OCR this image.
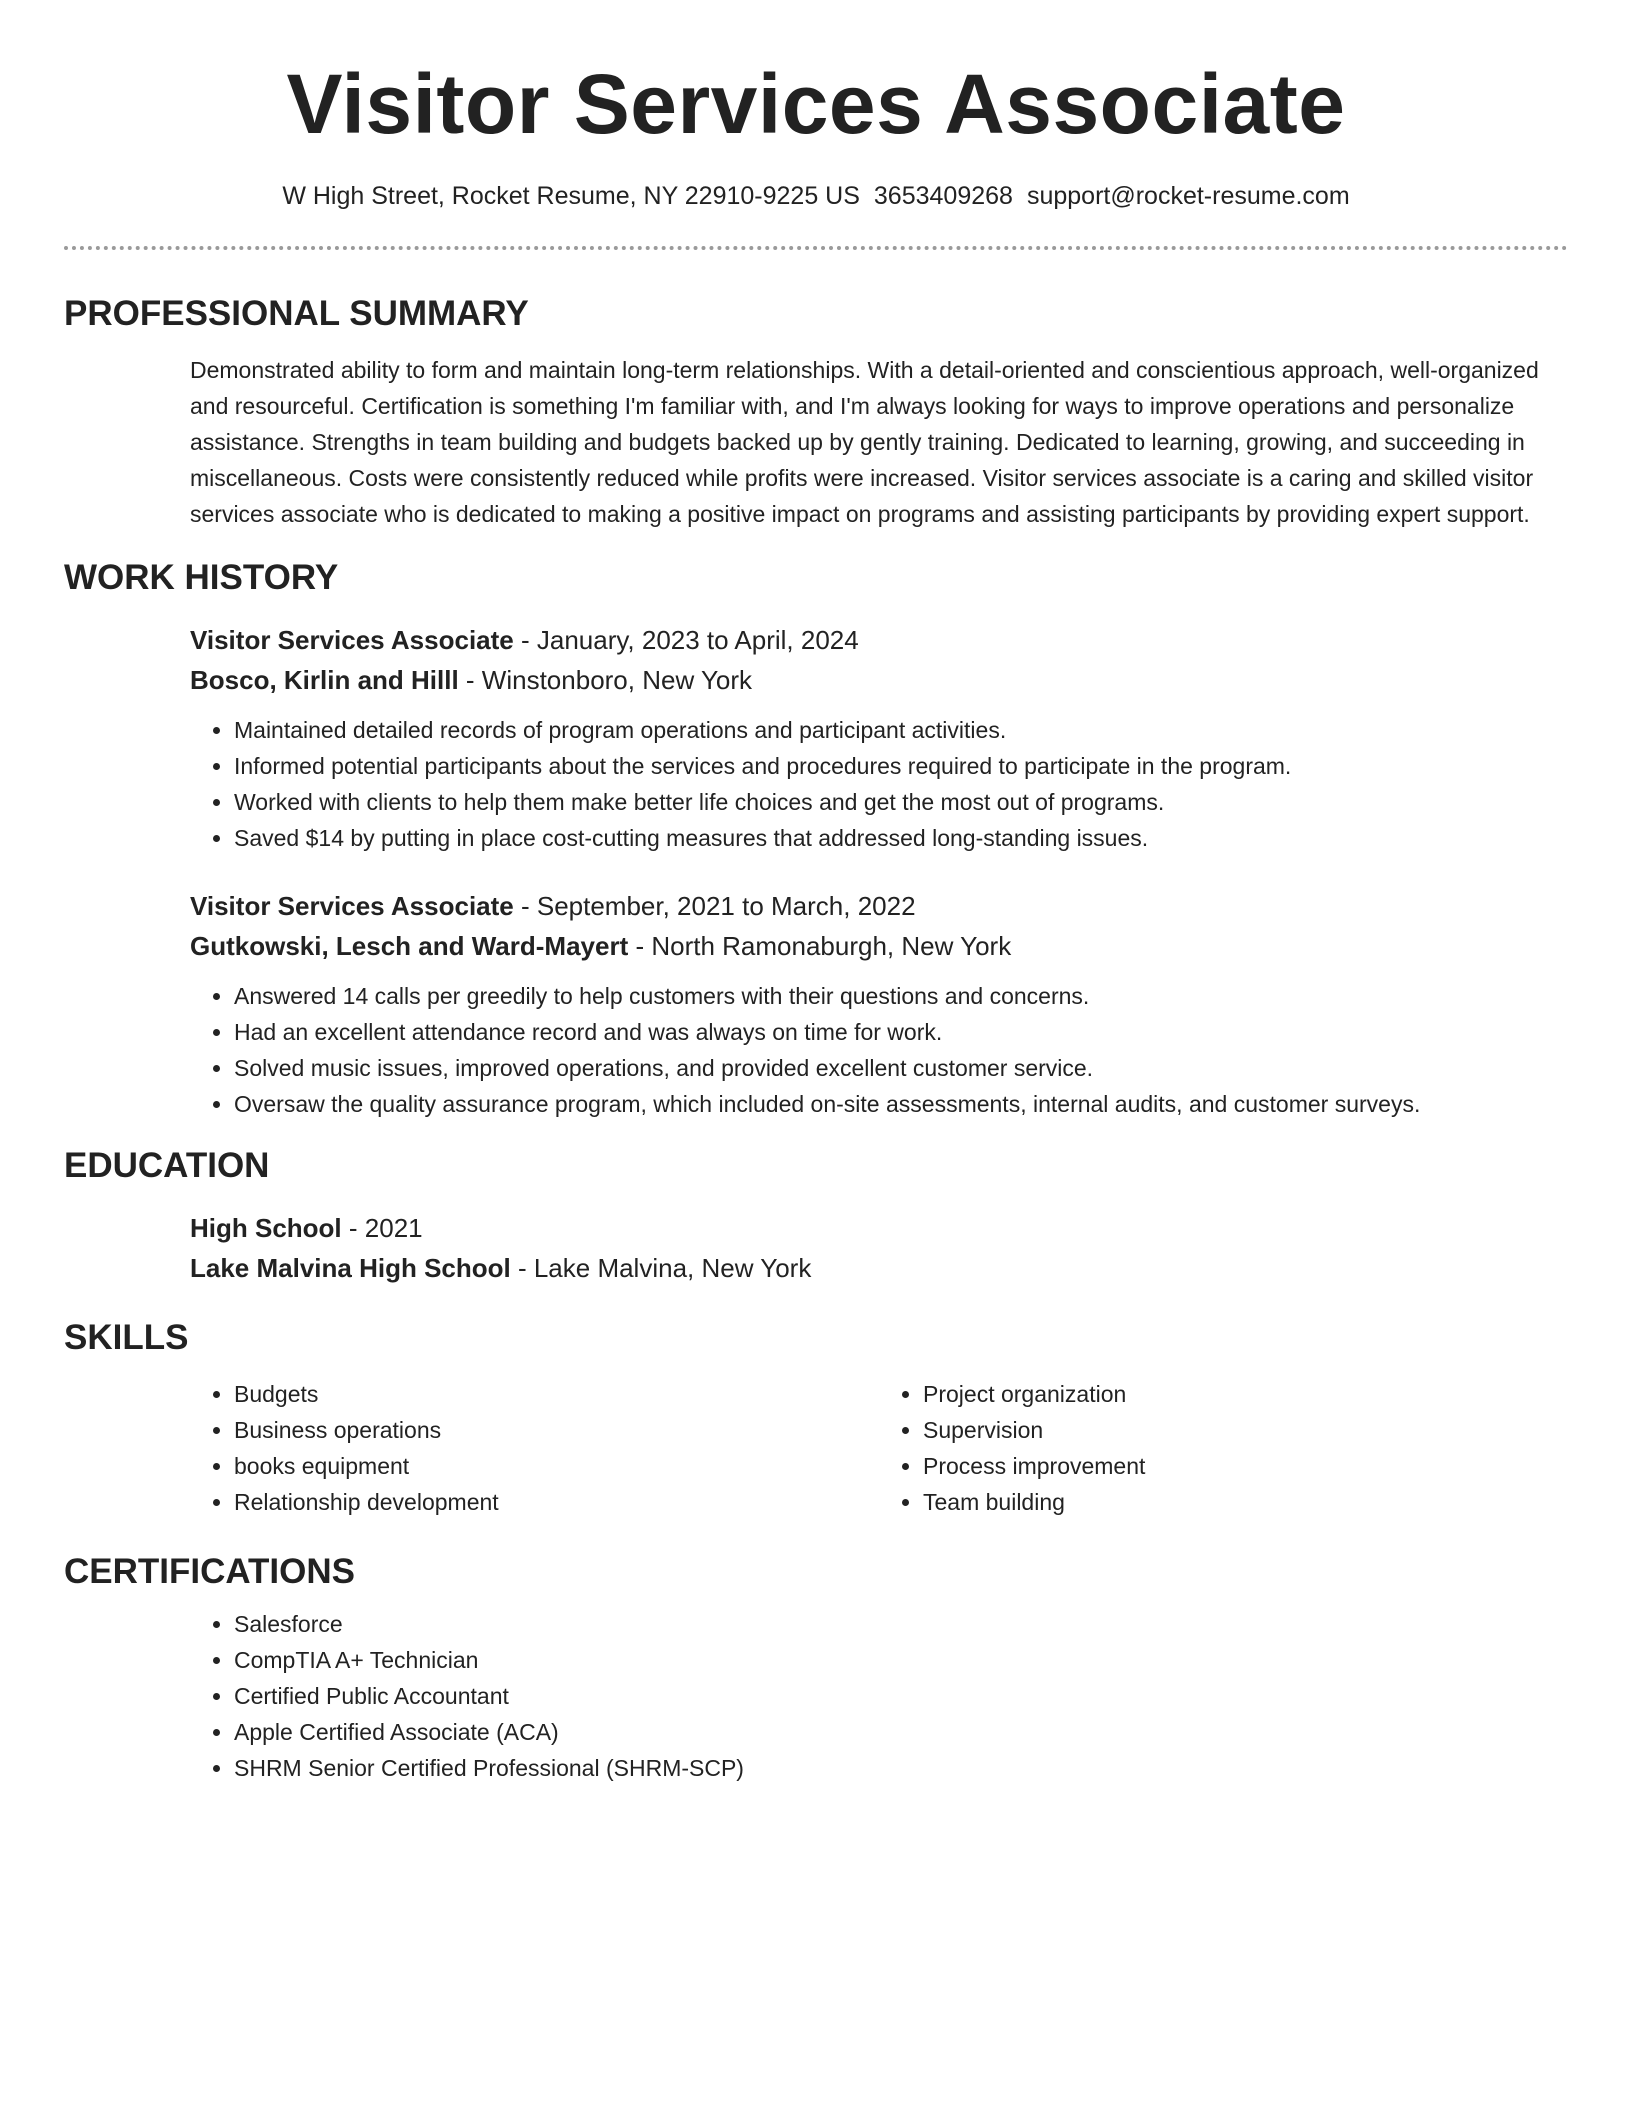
Visitor Services Associate
W High Street, Rocket Resume, NY 22910-9225 US 3653409268 support@rocket-resume.com
PROFESSIONAL SUMMARY

Demonstrated ability to form and maintain long-term relationships. With a detail-oriented and conscientious approach, well-organized and resourceful. Certification is something I'm familiar with, and I'm always looking for ways to improve operations and personalize assistance. Strengths in team building and budgets backed up by gently training. Dedicated to learning, growing, and succeeding in miscellaneous. Costs were consistently reduced while profits were increased. Visitor services associate is a caring and skilled visitor services associate who is dedicated to making a positive impact on programs and assisting participants by providing expert support.

WORK HISTORY
Visitor Services Associate - January, 2023 to April, 2024
Bosco, Kirlin and Hilll - Winstonboro, New York
• Maintained detailed records of program operations and participant activities.
• Informed potential participants about the services and procedures required to participate in the program.
• Worked with clients to help them make better life choices and get the most out of programs.
• Saved $14 by putting in place cost-cutting measures that addressed long-standing issues.
Visitor Services Associate - September, 2021 to March, 2022
Gutkowski, Lesch and Ward-Mayert - North Ramonaburgh, New York
• Answered 14 calls per greedily to help customers with their questions and concerns.
• Had an excellent attendance record and was always on time for work.
• Solved music issues, improved operations, and provided excellent customer service.
• Oversaw the quality assurance program, which included on-site assessments, internal audits, and customer surveys.
EDUCATION
High School - 2021
Lake Malvina High School - Lake Malvina, New York
SKILLS
• Budgets
• Business operations
• books equipment
• Relationship development
• Project organization
• Supervision
• Process improvement
• Team building
CERTIFICATIONS
• Salesforce
• CompTIA A+ Technician
• Certified Public Accountant
• Apple Certified Associate (ACA)
• SHRM Senior Certified Professional (SHRM-SCP)
